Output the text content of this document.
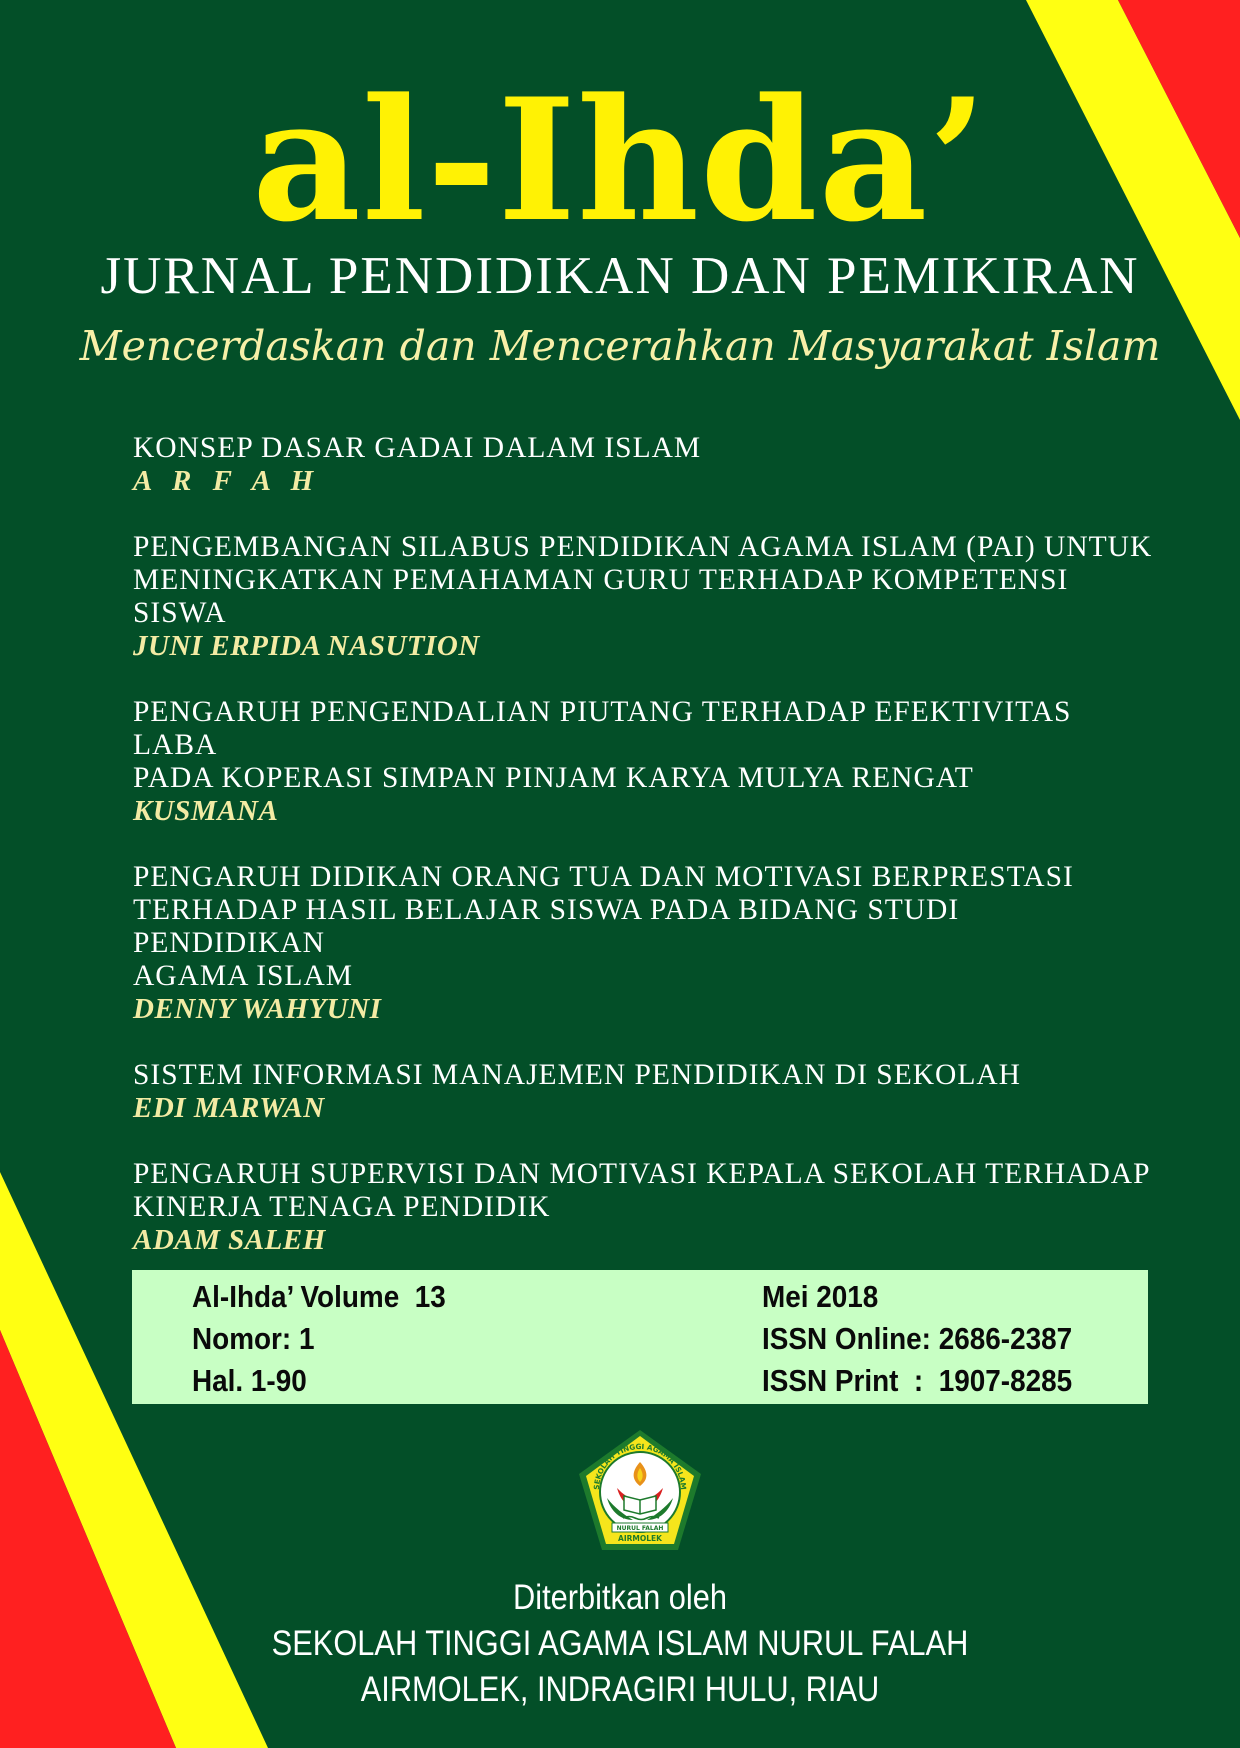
al-Ihda’
JURNAL PENDIDIKAN DAN PEMIKIRAN
Mencerdaskan dan Mencerahkan Masyarakat Islam
KONSEP DASAR GADAI DALAM ISLAM
A R F A H
PENGEMBANGAN SILABUS PENDIDIKAN AGAMA ISLAM (PAI) UNTUK
MENINGKATKAN PEMAHAMAN GURU TERHADAP KOMPETENSI SISWA
JUNI ERPIDA NASUTION
PENGARUH PENGENDALIAN PIUTANG TERHADAP EFEKTIVITAS LABA
PADA KOPERASI SIMPAN PINJAM KARYA MULYA RENGAT
KUSMANA
PENGARUH DIDIKAN ORANG TUA DAN MOTIVASI BERPRESTASI
TERHADAP HASIL BELAJAR SISWA PADA BIDANG STUDI PENDIDIKAN
AGAMA ISLAM
DENNY WAHYUNI
SISTEM INFORMASI MANAJEMEN PENDIDIKAN DI SEKOLAH
EDI MARWAN
PENGARUH SUPERVISI DAN MOTIVASI KEPALA SEKOLAH TERHADAP
KINERJA TENAGA PENDIDIK
ADAM SALEH
Al-Ihda’ Volume  13
Nomor: 1
Hal. 1-90
Mei 2018
ISSN Online: 2686-2387
ISSN Print  :  1907-8285
SEKOLAH TINGGI AGAMA ISLAM
NURUL FALAH
AIRMOLEK
Diterbitkan oleh
SEKOLAH TINGGI AGAMA ISLAM NURUL FALAH
AIRMOLEK, INDRAGIRI HULU, RIAU
